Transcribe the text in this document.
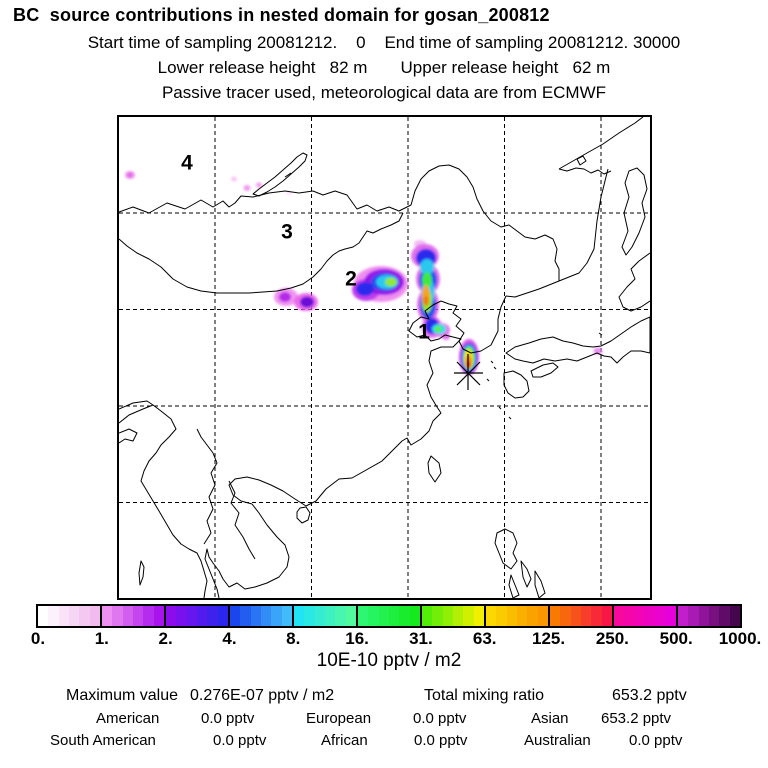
BC  source contributions in nested domain for gosan_200812
Start time of sampling 20081212.    0    End time of sampling 20081212. 30000
Lower release height   82 m       Upper release height   62 m
Passive tracer used, meteorological data are from ECMWF
1
2
3
4
0.	1.	2.	4.	8.	16. 31. 63. 125. 250. 500. 1000.
10E-10 pptv / m2
Maximum value 0.276E-07 pptv / m2	Total mixing ratio	653.2 pptv
American	0.0 pptv	European	0.0 pptv	Asian 653.2 pptv
South American	0.0 pptv	African	0.0 pptv	Australian	0.0 pptv
